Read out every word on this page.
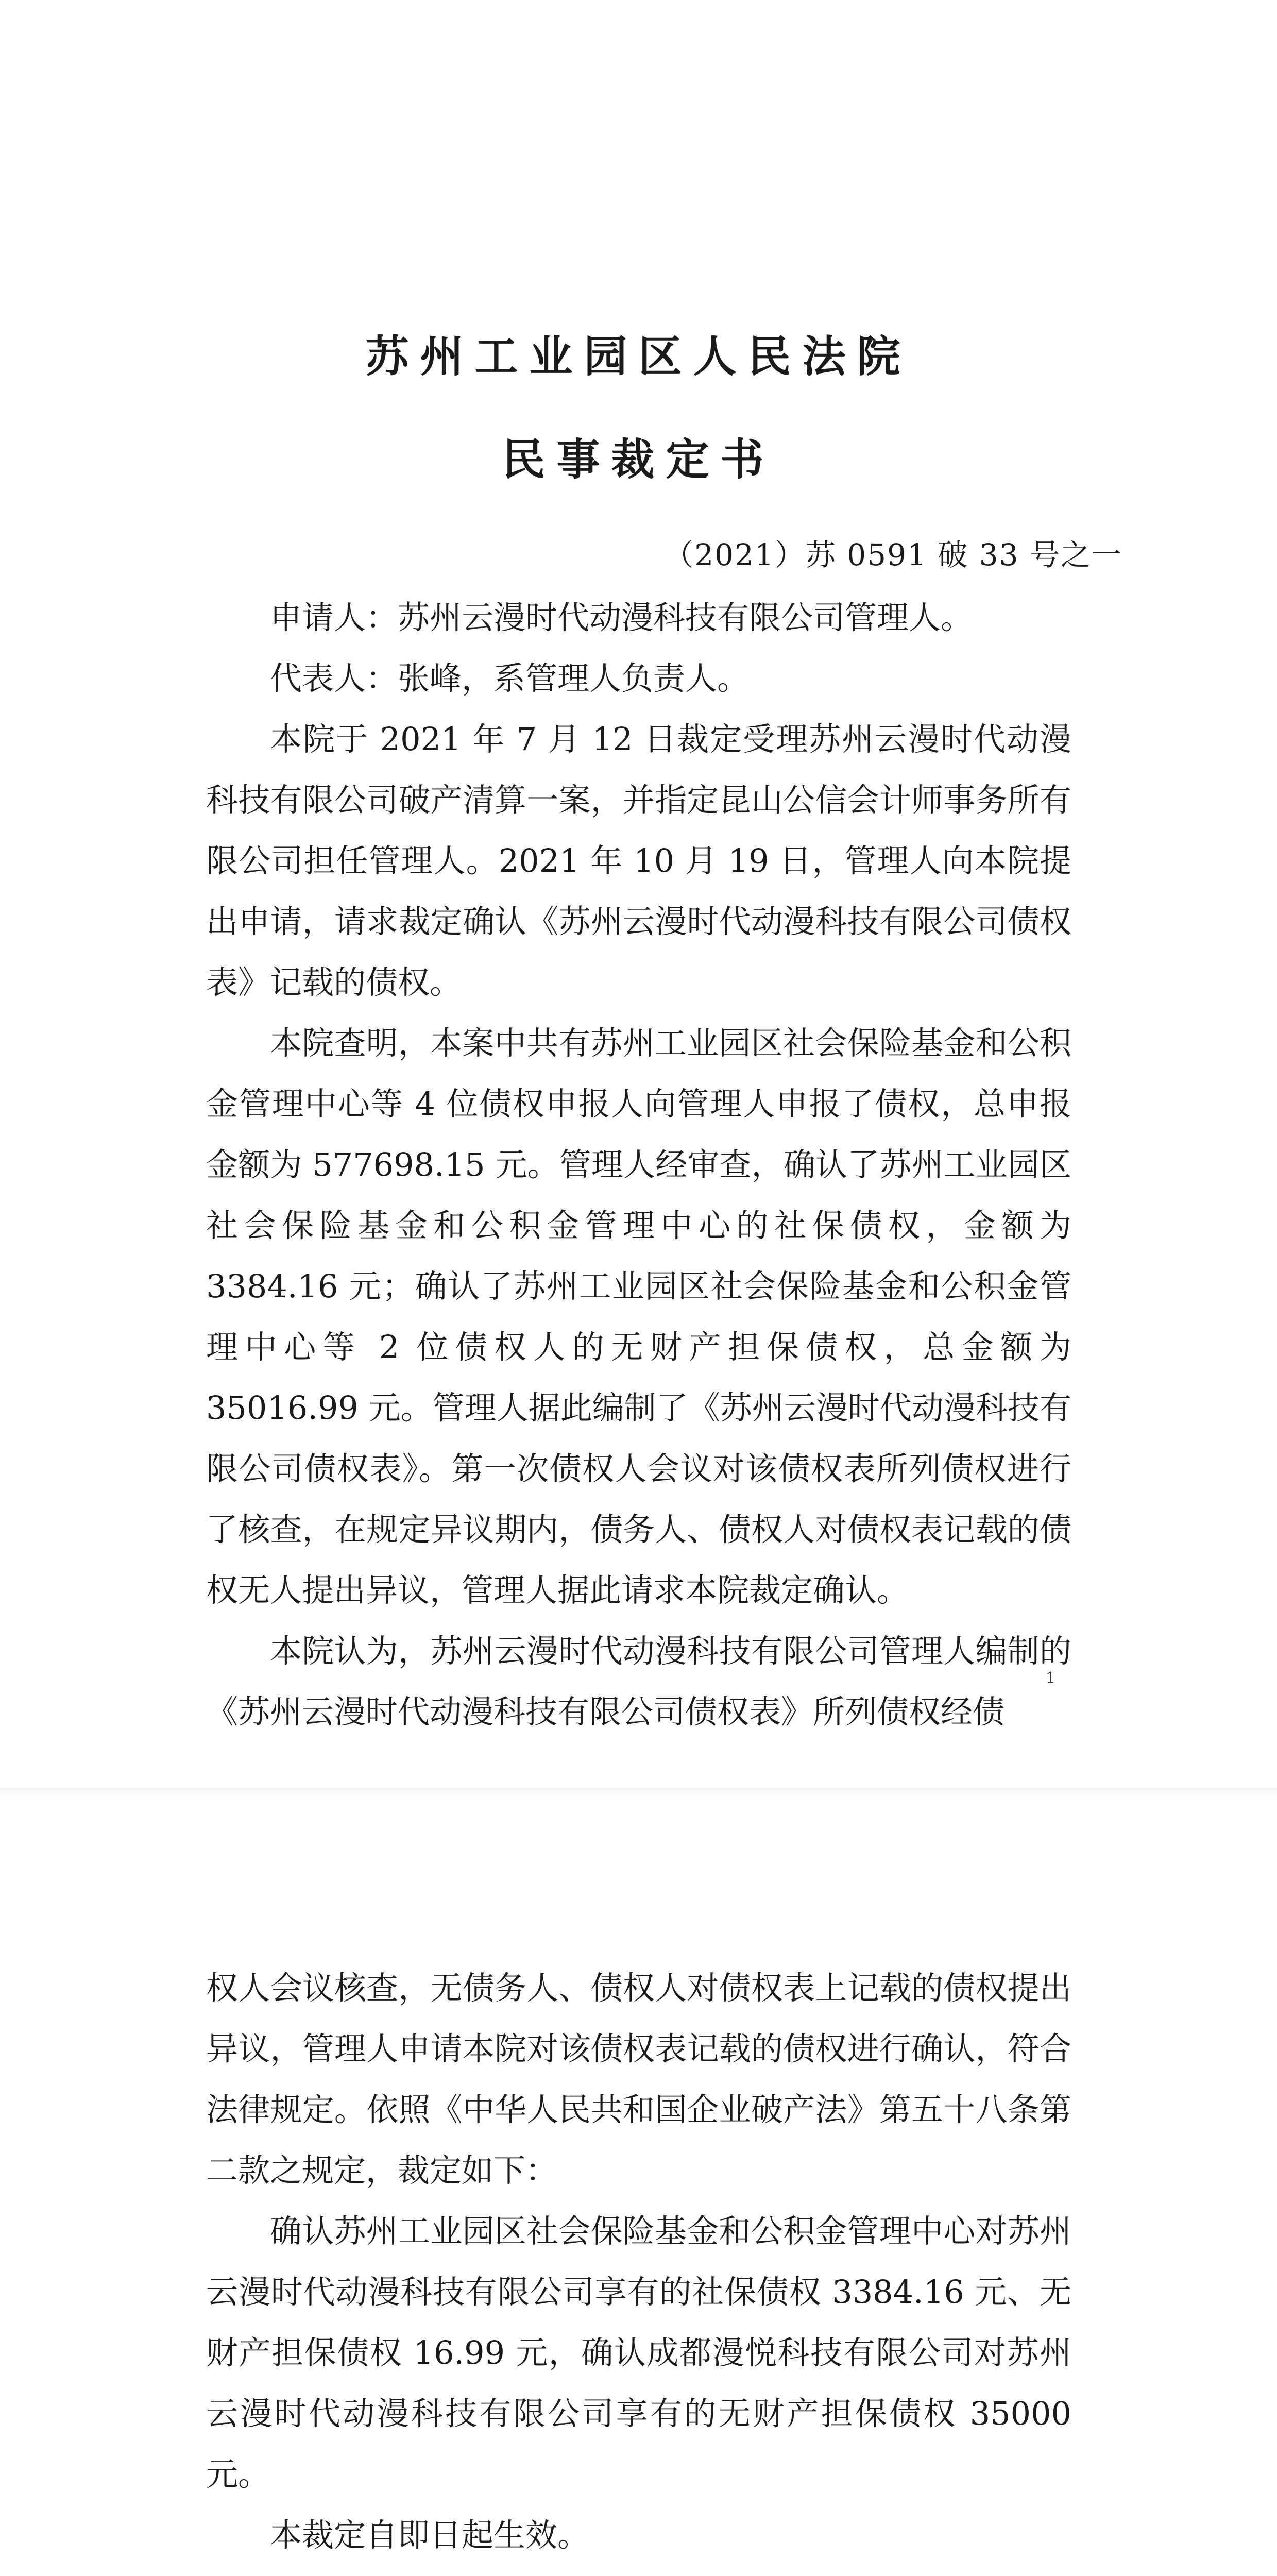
苏州工业园区人民法院
民事裁定书
（2021）苏 0591 破 33 号之一

申请人：苏州云漫时代动漫科技有限公司管理人。

代表人：张峰，系管理人负责人。

本院于 2021 年 7 月 12 日裁定受理苏州云漫时代动漫科技有限公司破产清算一案，并指定昆山公信会计师事务所有限公司担任管理人。2021 年 10 月 19 日，管理人向本院提出申请，请求裁定确认《苏州云漫时代动漫科技有限公司债权表》记载的债权。

本院查明，本案中共有苏州工业园区社会保险基金和公积金管理中心等 4 位债权申报人向管理人申报了债权，总申报金额为 577698.15 元。管理人经审查，确认了苏州工业园区社会保险基金和公积金管理中心的社保债权，金额为 3384.16 元；确认了苏州工业园区社会保险基金和公积金管理中心等 2 位债权人的无财产担保债权，总金额为 35016.99 元。管理人据此编制了《苏州云漫时代动漫科技有限公司债权表》。第一次债权人会议对该债权表所列债权进行了核查，在规定异议期内，债务人、债权人对债权表记载的债权无人提出异议，管理人据此请求本院裁定确认。

本院认为，苏州云漫时代动漫科技有限公司管理人编制的《苏州云漫时代动漫科技有限公司债权表》所列债权经债

1

权人会议核查，无债务人、债权人对债权表上记载的债权提出异议，管理人申请本院对该债权表记载的债权进行确认，符合法律规定。依照《中华人民共和国企业破产法》第五十八条第二款之规定，裁定如下：

确认苏州工业园区社会保险基金和公积金管理中心对苏州云漫时代动漫科技有限公司享有的社保债权 3384.16 元、无财产担保债权 16.99 元，确认成都漫悦科技有限公司对苏州云漫时代动漫科技有限公司享有的无财产担保债权 35000 元。

本裁定自即日起生效。
